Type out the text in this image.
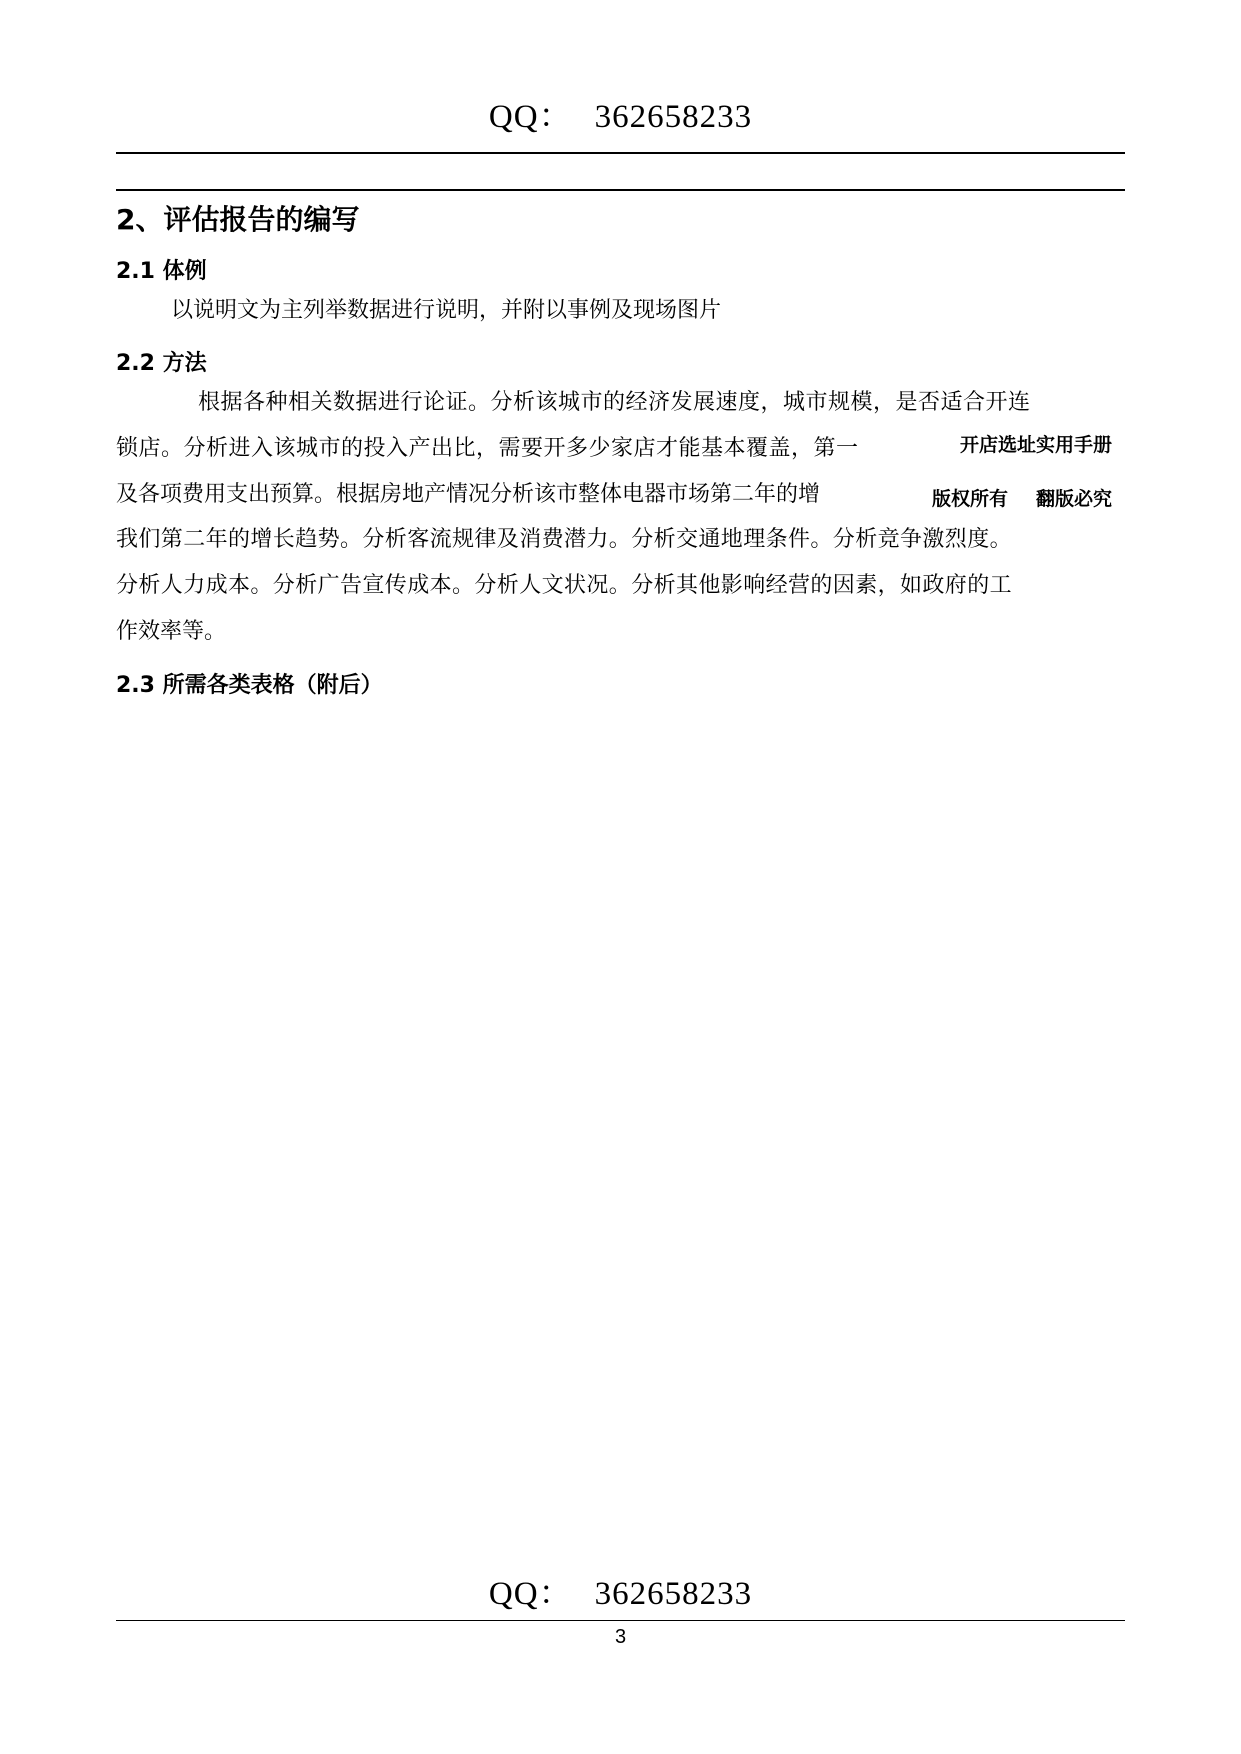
QQ： 362658233
2、评估报告的编写
2.1 体例
以说明文为主列举数据进行说明，并附以事例及现场图片
2.2 方法
根据各种相关数据进行论证。分析该城市的经济发展速度，城市规模，是否适合开连
锁店。分析进入该城市的投入产出比，需要开多少家店才能基本覆盖，第一
及各项费用支出预算。根据房地产情况分析该市整体电器市场第二年的增
我们第二年的增长趋势。分析客流规律及消费潜力。分析交通地理条件。分析竞争激烈度。
分析人力成本。分析广告宣传成本。分析人文状况。分析其他影响经营的因素，如政府的工
作效率等。
2.3 所需各类表格（附后）
开店选址实用手册
版权所有 翻版必究
QQ： 362658233
3
